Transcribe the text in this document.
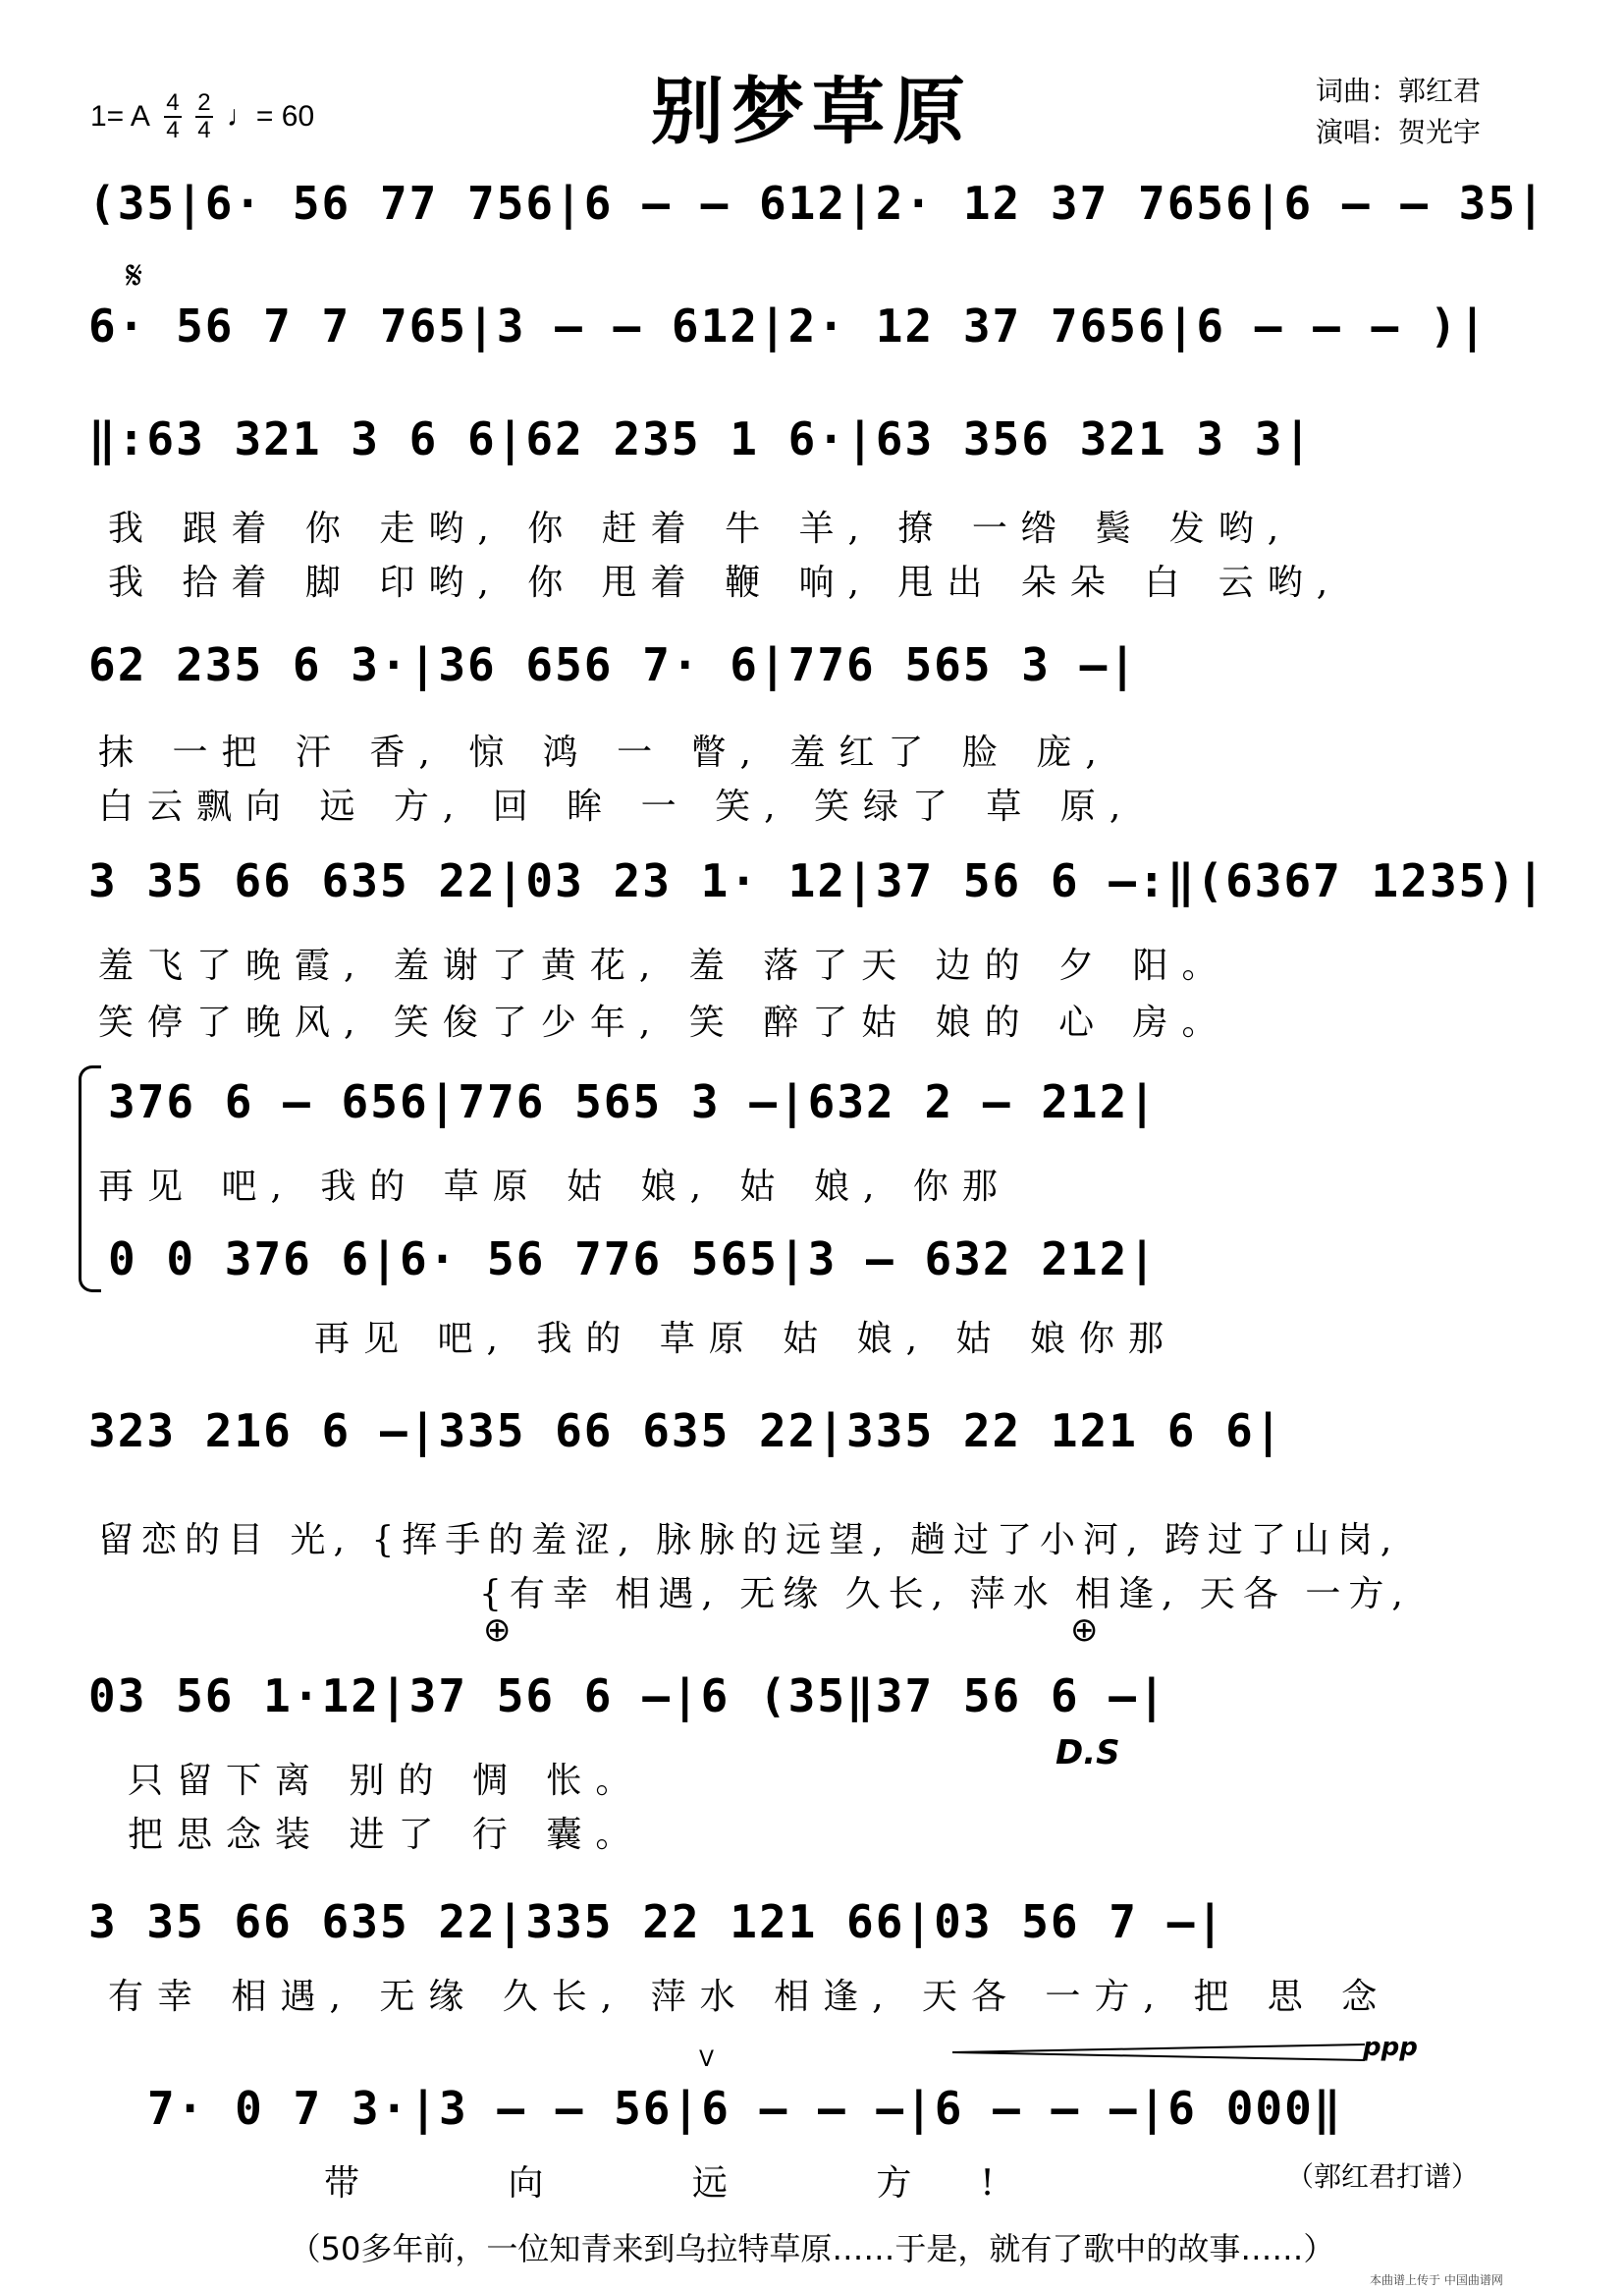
1= A $\frac{4}{4} \frac{2}{4}$ ♩= 60	别梦草原	词曲：郭红君
演唱：贺光宇
(35|6· 56 77 756|6 — — 612|2· 12 37 7656|6 — — 35|
𝄋
6· 56 7 7 765|3 — — 612|2· 12 37 7656|6 — — — )|
‖:63 321 3 6 6|62 235 1 6·|63 356 321 3 3|
我 跟着 你 走哟, 你 赶着 牛 羊, 撩 一绺 鬓 发哟,
我 拾着 脚 印哟, 你 甩着 鞭 响, 甩出 朵朵 白 云哟,
62 235 6 3·|36 656 7· 6|776 565 3 —|
抹 一把 汗 香, 惊 鸿 一 瞥, 羞红了 脸 庞,
白云飘向 远 方, 回 眸 一 笑, 笑绿了 草 原,
3 35 66 635 22|03 23 1· 12|37 56 6 —:‖(6367 1235)|
羞飞了晚霞, 羞谢了黄花, 羞 落了天 边的 夕 阳。
笑停了晚风, 笑俊了少年, 笑 醉了姑 娘的 心 房。
376 6 — 656|776 565 3 —|632 2 — 212|
再见 吧, 我的 草原 姑 娘, 姑 娘, 你那
0 0 376 6|6· 56 776 565|3 — 632 212|
再见 吧, 我的 草原 姑 娘, 姑 娘你那
323 216 6 —|335 66 635 22|335 22 121 6 6|
留恋的目 光, {挥手的羞涩, 脉脉的远望, 趟过了小河, 跨过了山岗,
{有幸 相遇, 无缘 久长, 萍水 相逢, 天各 一方,
⊕	⊕
03 56 1·12|37 56 6 —|6 (35‖37 56 6 —|
D.S
只留下离 别的 惆 怅。
把思念装 进了 行 囊。
3 35 66 635 22|335 22 121 66|03 56 7 —|
有幸 相遇, 无缘 久长, 萍水 相逢, 天各 一方, 把 思 念
V	ppp
7· 0 7 3·|3 — — 56|6 — — —|6 — — —|6 000‖
带 向 远 方!	（郭红君打谱）
（50多年前，一位知青来到乌拉特草原……于是，就有了歌中的故事……）
本曲谱上传于 中国曲谱网
